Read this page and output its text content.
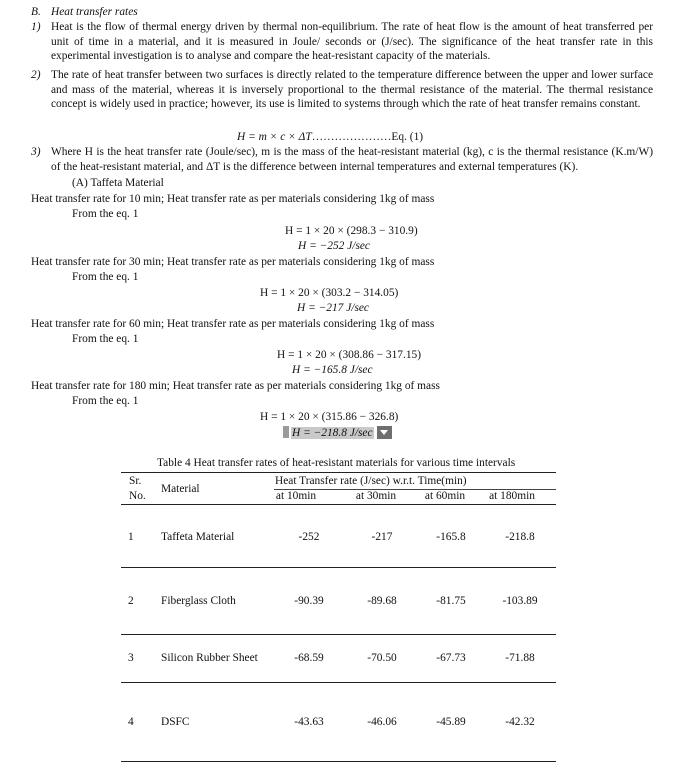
B. Heat transfer rates
1) Heat is the flow of thermal energy driven by thermal non-equilibrium. The rate of heat flow is the amount of heat transferred per unit of time in a material, and it is measured in Joule/ seconds or (J/sec). The significance of the heat transfer rate in this experimental investigation is to analyse and compare the heat-resistant capacity of the materials.
2) The rate of heat transfer between two surfaces is directly related to the temperature difference between the upper and lower surface and mass of the material, whereas it is inversely proportional to the thermal resistance of the material. The thermal resistance concept is widely used in practice; however, its use is limited to systems through which the rate of heat transfer remains constant.
H = m × c × ΔT…………………Eq. (1)
3) Where H is the heat transfer rate (Joule/sec), m is the mass of the heat-resistant material (kg), c is the thermal resistance (K.m/W) of the heat-resistant material, and ΔT is the difference between internal temperatures and external temperatures (K).
(A) Taffeta Material
Heat transfer rate for 10 min; Heat transfer rate as per materials considering 1kg of mass
From the eq. 1
H = 1 × 20 × (298.3 − 310.9)
H = −252 J/sec
Heat transfer rate for 30 min; Heat transfer rate as per materials considering 1kg of mass
From the eq. 1
H = 1 × 20 × (303.2 − 314.05)
H = −217 J/sec
Heat transfer rate for 60 min; Heat transfer rate as per materials considering 1kg of mass
From the eq. 1
H = 1 × 20 × (308.86 − 317.15)
H = −165.8 J/sec
Heat transfer rate for 180 min; Heat transfer rate as per materials considering 1kg of mass
From the eq. 1
H = 1 × 20 × (315.86 − 326.8)
H = −218.8 J/sec
Table 4 Heat transfer rates of heat-resistant materials for various time intervals
Sr.
No.
Material
Heat Transfer rate (J/sec) w.r.t. Time(min)
at 10min	at 30min	at 60min at 180min
1 Taffeta Material	-252	-217	-165.8	-218.8
2 Fiberglass Cloth	-90.39	-89.68	-81.75	-103.89
3 Silicon Rubber Sheet	-68.59	-70.50	-67.73	-71.88
4 DSFC	-43.63	-46.06	-45.89	-42.32
